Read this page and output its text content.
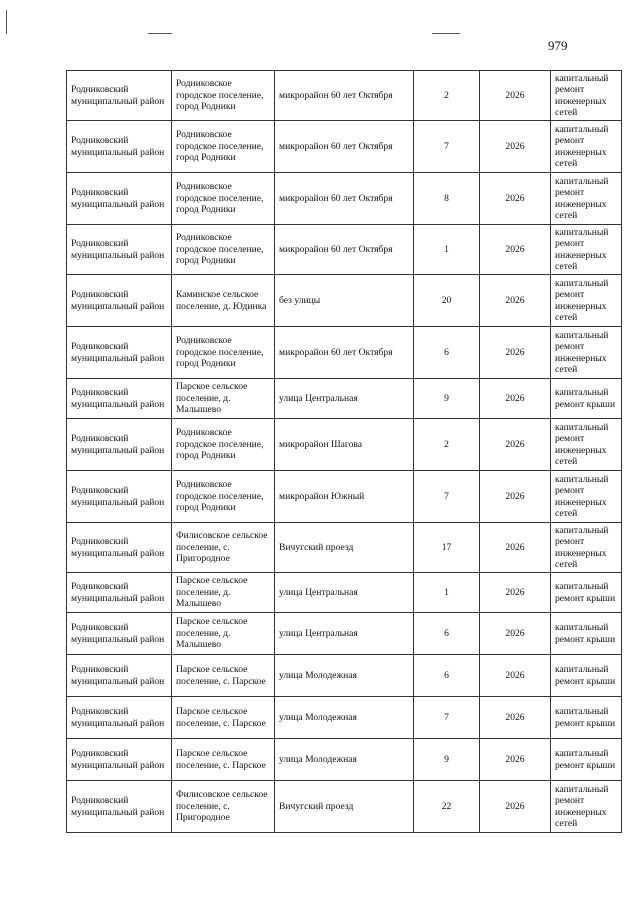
979
Родниковский муниципальный район	Родниковское городское поселение, город Родники	микрорайон 60 лет Октября	2	2026	капитальный ремонт инженерных сетей
Родниковский муниципальный район	Родниковское городское поселение, город Родники	микрорайон 60 лет Октября	7	2026	капитальный ремонт инженерных сетей
Родниковский муниципальный район	Родниковское городское поселение, город Родники	микрорайон 60 лет Октября	8	2026	капитальный ремонт инженерных сетей
Родниковский муниципальный район	Родниковское городское поселение, город Родники	микрорайон 60 лет Октября	1	2026	капитальный ремонт инженерных сетей
Родниковский муниципальный район	Каминское сельское поселение, д. Юдинка	без улицы	20	2026	капитальный ремонт инженерных сетей
Родниковский муниципальный район	Родниковское городское поселение, город Родники	микрорайон 60 лет Октября	6	2026	капитальный ремонт инженерных сетей
Родниковский муниципальный район	Парское сельское поселение, д. Малышево	улица Центральная	9	2026	капитальный ремонт крыши
Родниковский муниципальный район	Родниковское городское поселение, город Родники	микрорайон Шагова	2	2026	капитальный ремонт инженерных сетей
Родниковский муниципальный район	Родниковское городское поселение, город Родники	микрорайон Южный	7	2026	капитальный ремонт инженерных сетей
Родниковский муниципальный район	Филисовское сельское поселение, с. Пригородное	Вичугский проезд	17	2026	капитальный ремонт инженерных сетей
Родниковский муниципальный район	Парское сельское поселение, д. Малышево	улица Центральная	1	2026	капитальный ремонт крыши
Родниковский муниципальный район	Парское сельское поселение, д. Малышево	улица Центральная	6	2026	капитальный ремонт крыши
Родниковский муниципальный район	Парское сельское поселение, с. Парское	улица Молодежная	6	2026	капитальный ремонт крыши
Родниковский муниципальный район	Парское сельское поселение, с. Парское	улица Молодежная	7	2026	капитальный ремонт крыши
Родниковский муниципальный район	Парское сельское поселение, с. Парское	улица Молодежная	9	2026	капитальный ремонт крыши
Родниковский муниципальный район	Филисовское сельское поселение, с. Пригородное	Вичугский проезд	22	2026	капитальный ремонт инженерных сетей
